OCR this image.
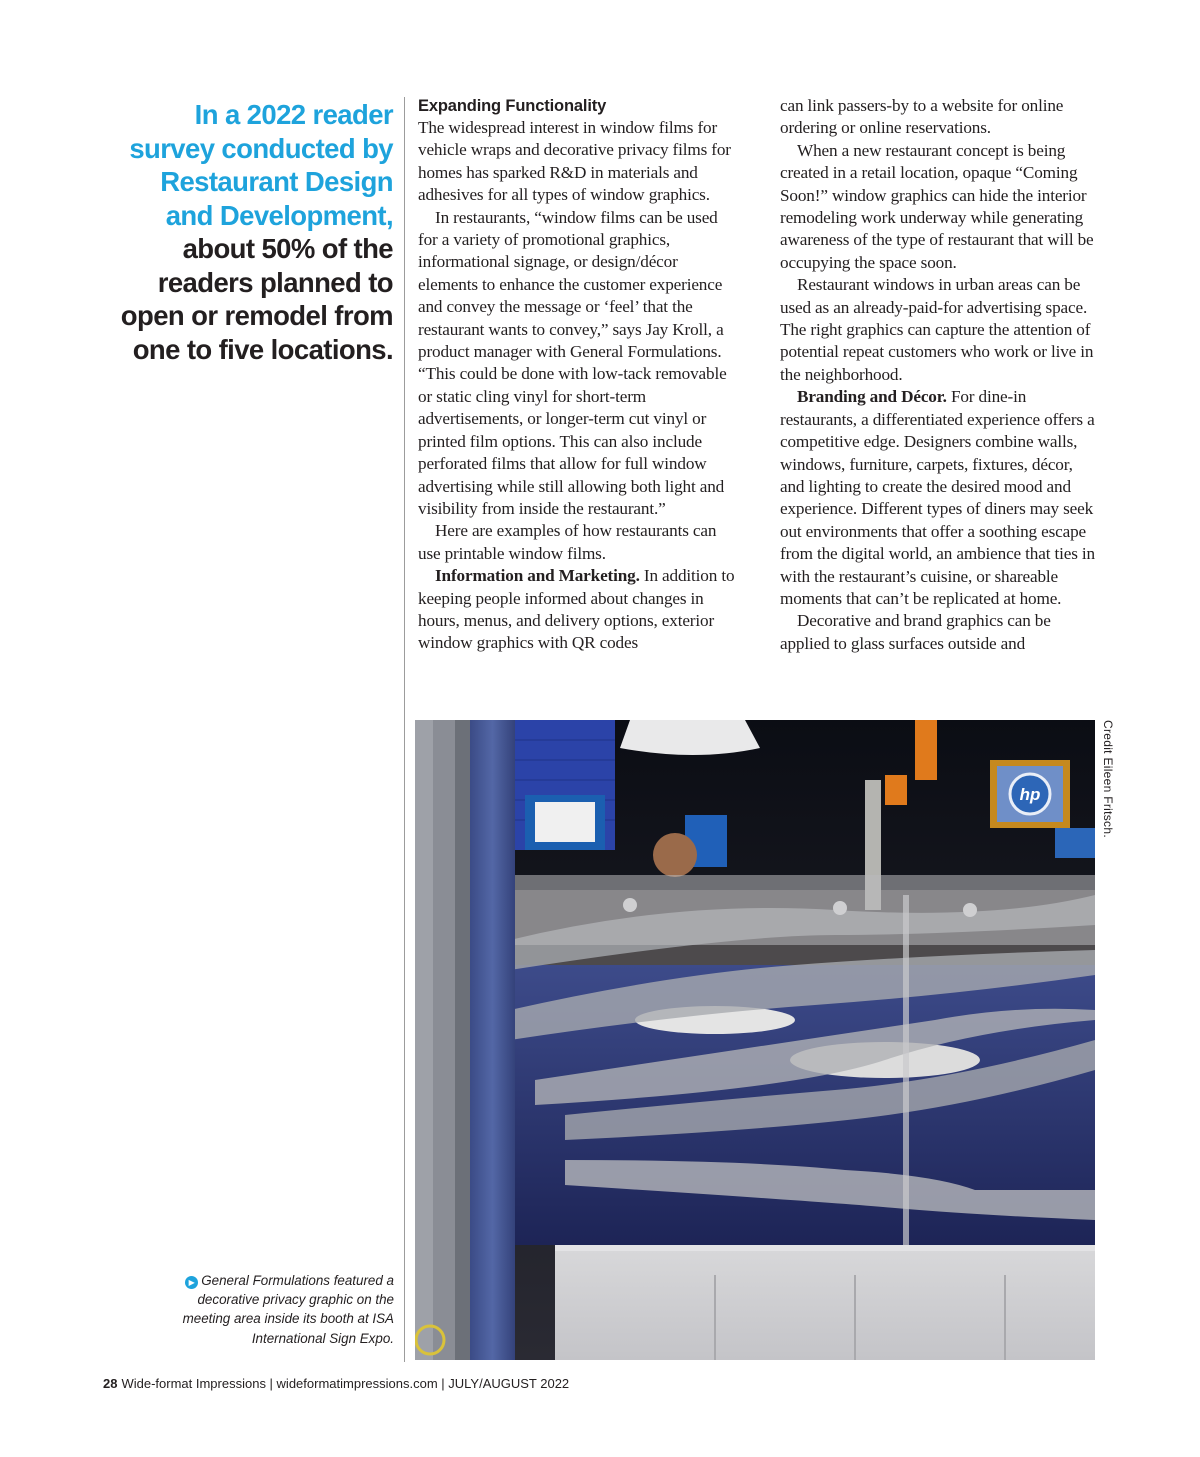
In a 2022 reader survey conducted by Restaurant Design and Development, about 50% of the readers planned to open or remodel from one to five locations.
Expanding Functionality

The widespread interest in window films for vehicle wraps and decorative privacy films for homes has sparked R&D in materials and adhesives for all types of window graphics.

In restaurants, “window films can be used for a variety of promotional graphics, informational signage, or design/décor elements to enhance the customer experience and convey the message or ‘feel’ that the restaurant wants to convey,” says Jay Kroll, a product manager with General Formulations. “This could be done with low-tack removable or static cling vinyl for short-term advertisements, or longer-term cut vinyl or printed film options. This can also include perforated films that allow for full window advertising while still allowing both light and visibility from inside the restaurant.”

Here are examples of how restaurants can use printable window films.

Information and Marketing. In addition to keeping people informed about changes in hours, menus, and delivery options, exterior window graphics with QR codes

can link passers-by to a website for online ordering or online reservations.

When a new restaurant concept is being created in a retail location, opaque “Coming Soon!” window graphics can hide the interior remodeling work underway while generating awareness of the type of restaurant that will be occupying the space soon.

Restaurant windows in urban areas can be used as an already-paid-for advertising space. The right graphics can capture the attention of potential repeat customers who work or live in the neighborhood.

Branding and Décor. For dine-in restaurants, a differentiated experience offers a competitive edge. Designers combine walls, windows, furniture, carpets, fixtures, décor, and lighting to create the desired mood and experience. Different types of diners may seek out environments that offer a soothing escape from the digital world, an ambience that ties in with the restaurant’s cuisine, or shareable moments that can’t be replicated at home.

Decorative and brand graphics can be applied to glass surfaces outside and

hp	Credit Eileen Fritsch.
▶ General Formulations featured a decorative privacy graphic on the meeting area inside its booth at ISA International Sign Expo.
28 Wide-format Impressions | wideformatimpressions.com | JULY/AUGUST 2022
